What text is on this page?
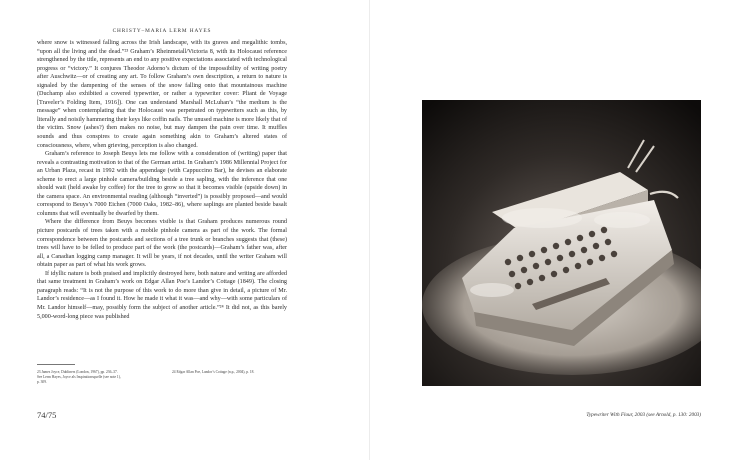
CHRISTY–MARIA LERM HAYES

where snow is witnessed falling across the Irish landscape, with its graves and megalithic tombs, “upon all the living and the dead.”²³ Graham’s Rheinmetall/Victoria 8, with its Holocaust reference strengthened by the title, represents an end to any positive expectations associated with technological progress or “victory.” It conjures Theodor Adorno’s dictum of the impossibility of writing poetry after Auschwitz—or of creating any art. To follow Graham’s own description, a return to nature is signaled by the dampening of the senses of the snow falling onto that mountainous machine (Duchamp also exhibited a covered typewriter, or rather a typewriter cover: Pliant de Voyage [Traveler’s Folding Item, 1916]). One can understand Marshall McLuhan’s “the medium is the message” when contemplating that the Holocaust was perpetrated on typewriters such as this, by literally and noisily hammering their keys like coffin nails. The unused machine is more likely that of the victim. Snow (ashes?) then makes no noise, but may dampen the pain over time. It muffles sounds and thus conspires to create again something akin to Graham’s altered states of consciousness, where, when grieving, perception is also changed.

Graham’s reference to Joseph Beuys lets me follow with a consideration of (writing) paper that reveals a contrasting motivation to that of the German artist. In Graham’s 1986 Millennial Project for an Urban Plaza, recast in 1992 with the appendage (with Cappuccino Bar), he devises an elaborate scheme to erect a large pinhole camera/building beside a tree sapling, with the inference that one should wait (held awake by coffee) for the tree to grow so that it becomes visible (upside down) in the camera space. An environmental reading (although “inverted”) is possibly proposed—and would correspond to Beuys’s 7000 Eichen (7000 Oaks, 1982–86), where saplings are planted beside basalt columns that will eventually be dwarfed by them.

Where the difference from Beuys becomes visible is that Graham produces numerous round picture postcards of trees taken with a mobile pinhole camera as part of the work. The formal correspondence between the postcards and sections of a tree trunk or branches suggests that (these) trees will have to be felled to produce part of the work (the postcards)—Graham’s father was, after all, a Canadian logging camp manager. It will be years, if not decades, until the writer Graham will obtain paper as part of what his work grows.

If idyllic nature is both praised and implicitly destroyed here, both nature and writing are afforded that same treatment in Graham’s work on Edgar Allan Poe’s Landor’s Cottage (1849). The closing paragraph reads: “It is not the purpose of this work to do more than give in detail, a picture of Mr. Landor’s residence—as I found it. How he made it what it was—and why—with some particulars of Mr. Landor himself—may, possibly form the subject of another article.”²⁴ It did not, as this barely 5,000-word-long piece was published

23 James Joyce, Dubliners (London, 1967), pp. 236–37. See Lerm Hayes, Joyce als Inspirationsquelle (see note 1), p. 309.

24 Edgar Allan Poe, Landor’s Cottage (n.p., 2004), p. 18.

74/75	Typewriter With Flour, 2003 (see Arnold, p. 130: 2003)
